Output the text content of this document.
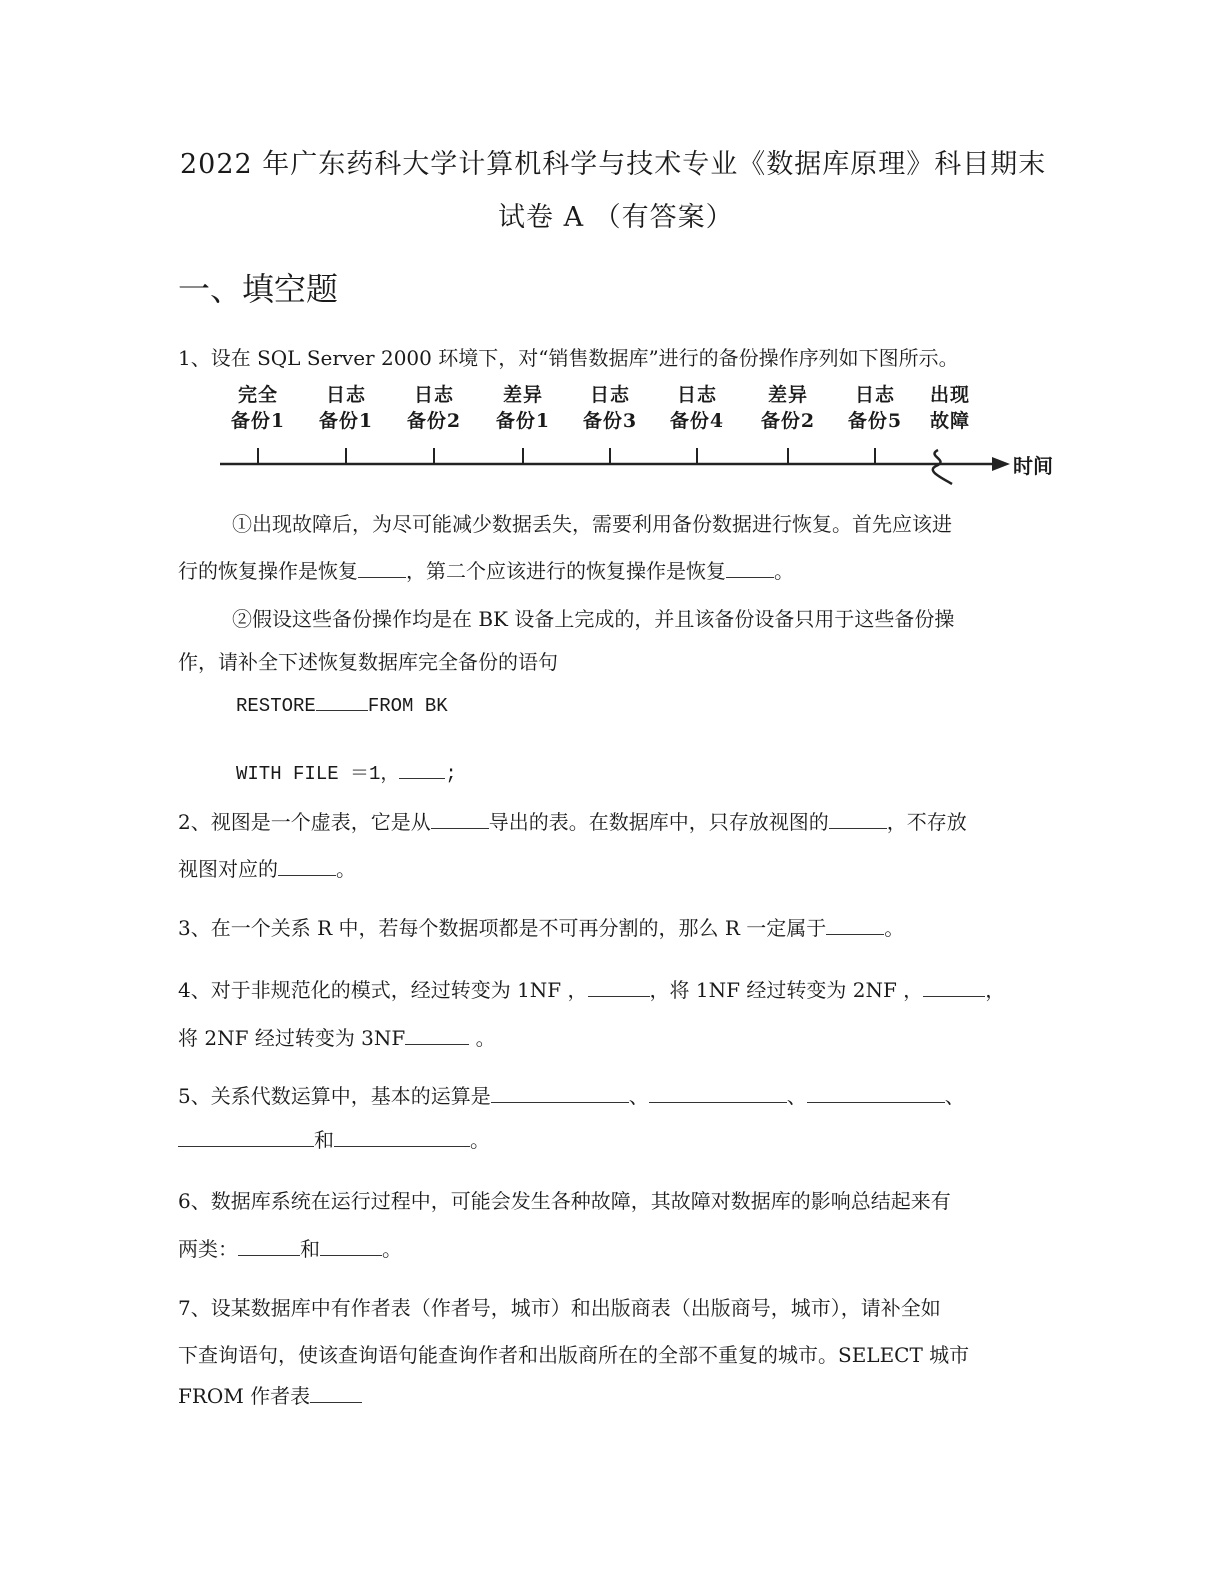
2022 年广东药科大学计算机科学与技术专业《数据库原理》科目期末
试卷 A （有答案）
一、填空题
1、设在 SQL Server 2000 环境下，对“销售数据库”进行的备份操作序列如下图所示。
完全
备份1
日志
备份1
日志
备份2
差异
备份1
日志
备份3
日志
备份4
差异
备份2
日志
备份5
出现
故障
时间
①出现故障后，为尽可能减少数据丢失，需要利用备份数据进行恢复。首先应该进
行的恢复操作是恢复 ，第二个应该进行的恢复操作是恢复 。
②假设这些备份操作均是在 BK 设备上完成的，并且该备份设备只用于这些备份操
作，请补全下述恢复数据库完全备份的语句
RESTORE	FROM BK
WITH FILE ＝1， ;
2、视图是一个虚表，它是从	导出的表。在数据库中，只存放视图的	，不存放
视图对应的	。
3、在一个关系 R 中，若每个数据项都是不可再分割的，那么 R 一定属于	。
4、对于非规范化的模式，经过转变为 1NF ，	，将 1NF 经过转变为 2NF ，	，
将 2NF 经过转变为 3NF	。
5、关系代数运算中，基本的运算是	、	、	、
和	。
6、数据库系统在运行过程中，可能会发生各种故障，其故障对数据库的影响总结起来有
两类：	和	。
7、设某数据库中有作者表（作者号，城市）和出版商表（出版商号，城市），请补全如
下查询语句，使该查询语句能查询作者和出版商所在的全部不重复的城市。SELECT 城市
FROM 作者表
